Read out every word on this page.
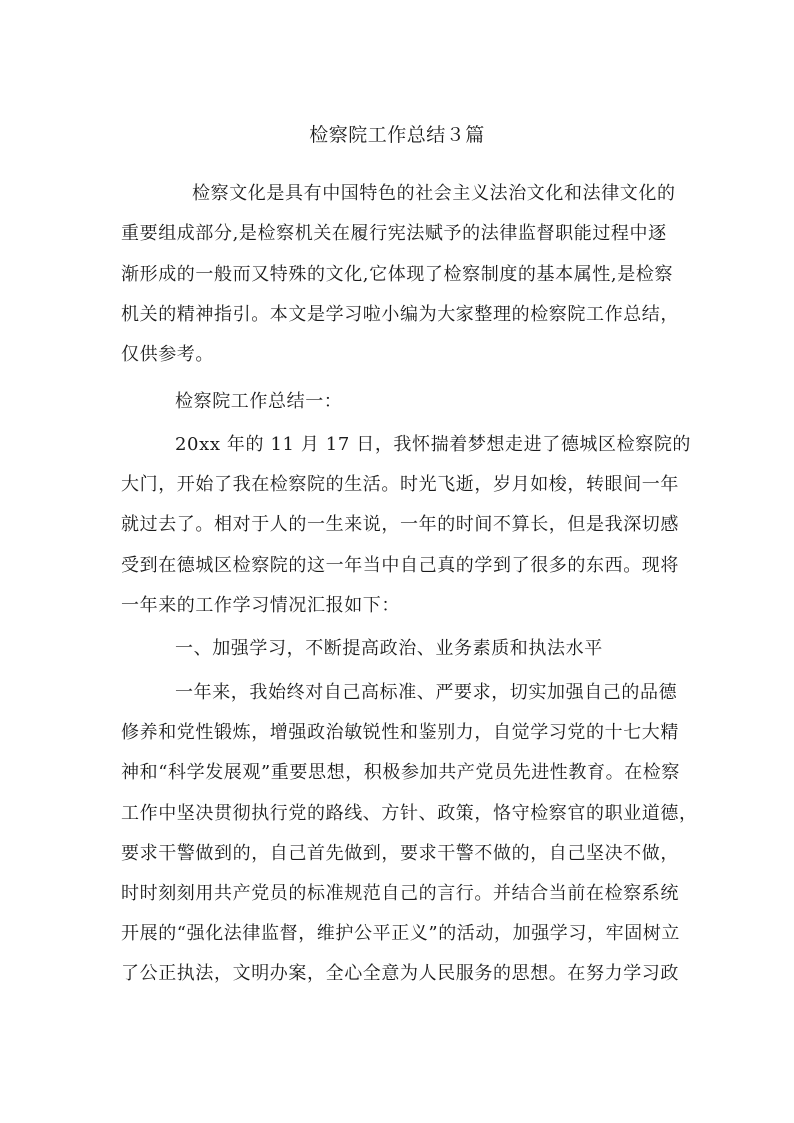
检察院工作总结３篇
检察文化是具有中国特色的社会主义法治文化和法律文化的
重要组成部分,是检察机关在履行宪法赋予的法律监督职能过程中逐
渐形成的一般而又特殊的文化,它体现了检察制度的基本属性,是检察
机关的精神指引。本文是学习啦小编为大家整理的检察院工作总结，
仅供参考。
检察院工作总结一：
20xx 年的 11 月 17 日，我怀揣着梦想走进了德城区检察院的
大门，开始了我在检察院的生活。时光飞逝，岁月如梭，转眼间一年
就过去了。相对于人的一生来说，一年的时间不算长，但是我深切感
受到在德城区检察院的这一年当中自己真的学到了很多的东西。现将
一年来的工作学习情况汇报如下：
一、加强学习，不断提高政治、业务素质和执法水平
一年来，我始终对自己高标准、严要求，切实加强自己的品德
修养和党性锻炼，增强政治敏锐性和鉴别力，自觉学习党的十七大精
神和“科学发展观”重要思想，积极参加共产党员先进性教育。在检察
工作中坚决贯彻执行党的路线、方针、政策，恪守检察官的职业道德，
要求干警做到的，自己首先做到，要求干警不做的，自己坚决不做，
时时刻刻用共产党员的标准规范自己的言行。并结合当前在检察系统
开展的“强化法律监督，维护公平正义”的活动，加强学习，牢固树立
了公正执法，文明办案，全心全意为人民服务的思想。在努力学习政
